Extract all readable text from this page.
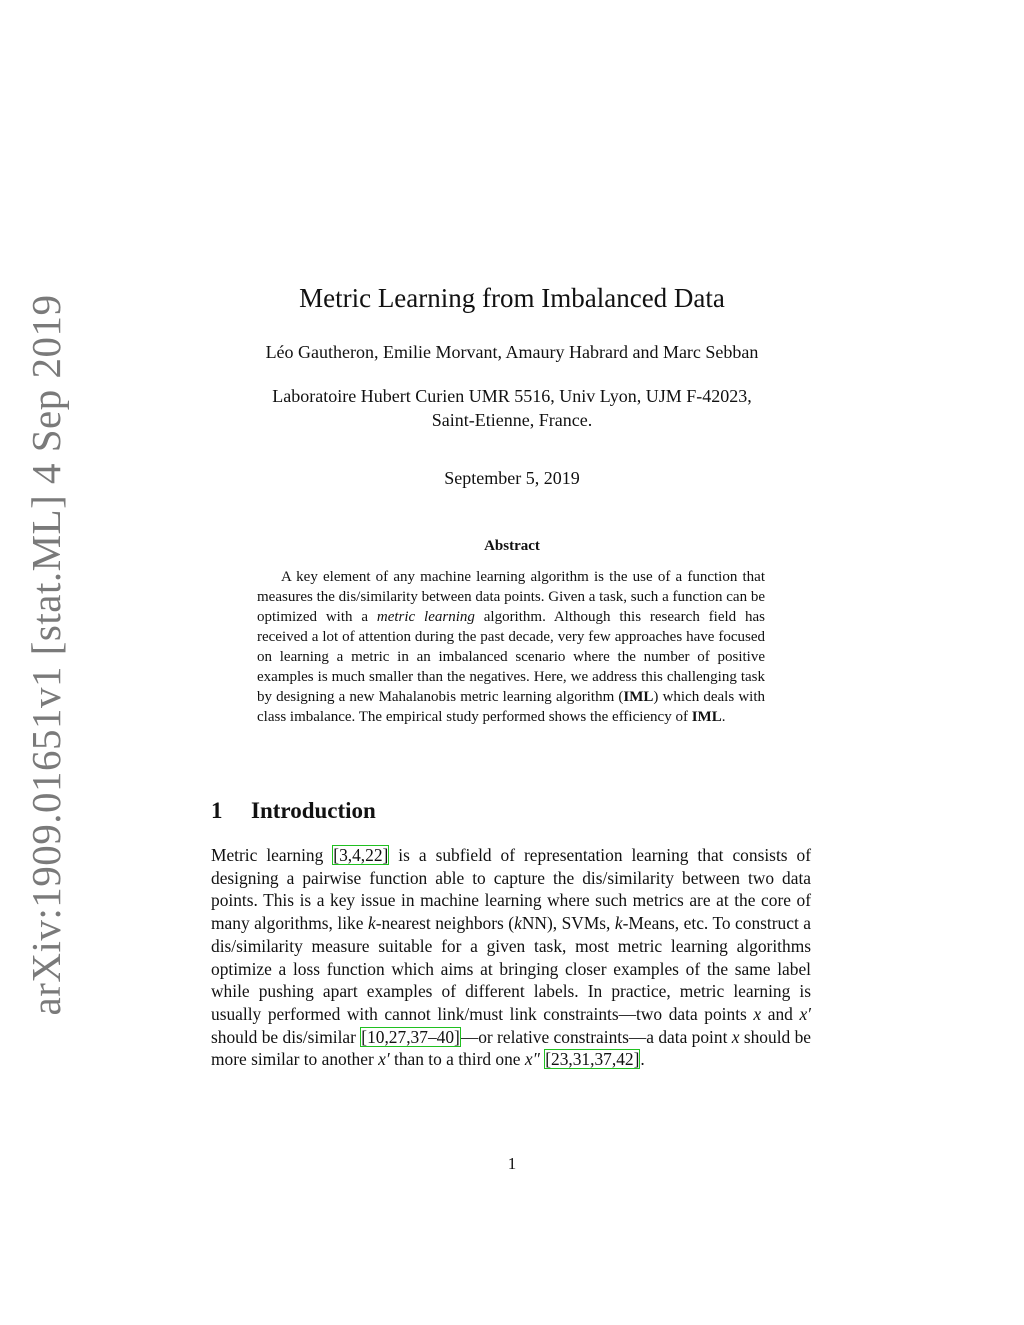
arXiv:1909.01651v1 [stat.ML] 4 Sep 2019	Metric Learning from Imbalanced Data
Léo Gautheron, Emilie Morvant, Amaury Habrard and Marc Sebban
Laboratoire Hubert Curien UMR 5516, Univ Lyon, UJM F-42023,
Saint-Etienne, France.
September 5, 2019
Abstract

A key element of any machine learning algorithm is the use of a function that measures the dis/similarity between data points. Given a task, such a function can be optimized with a metric learning algorithm. Although this research field has received a lot of attention during the past decade, very few approaches have focused on learning a metric in an imbalanced scenario where the number of positive examples is much smaller than the negatives. Here, we address this challenging task by designing a new Mahalanobis metric learning algorithm (IML) which deals with class imbalance. The empirical study performed shows the efficiency of IML.

1 Introduction

Metric learning [3,4,22] is a subfield of representation learning that consists of designing a pairwise function able to capture the dis/similarity between two data points. This is a key issue in machine learning where such metrics are at the core of many algorithms, like k-nearest neighbors (kNN), SVMs, k-Means, etc. To construct a dis/similarity measure suitable for a given task, most metric learning algorithms optimize a loss function which aims at bringing closer examples of the same label while pushing apart examples of different labels. In practice, metric learning is usually performed with cannot link/must link constraints—two data points x and x′ should be dis/similar [10,27,37–40]—or relative constraints—a data point x should be more similar to another x′ than to a third one x″ [23,31,37,42].

1
